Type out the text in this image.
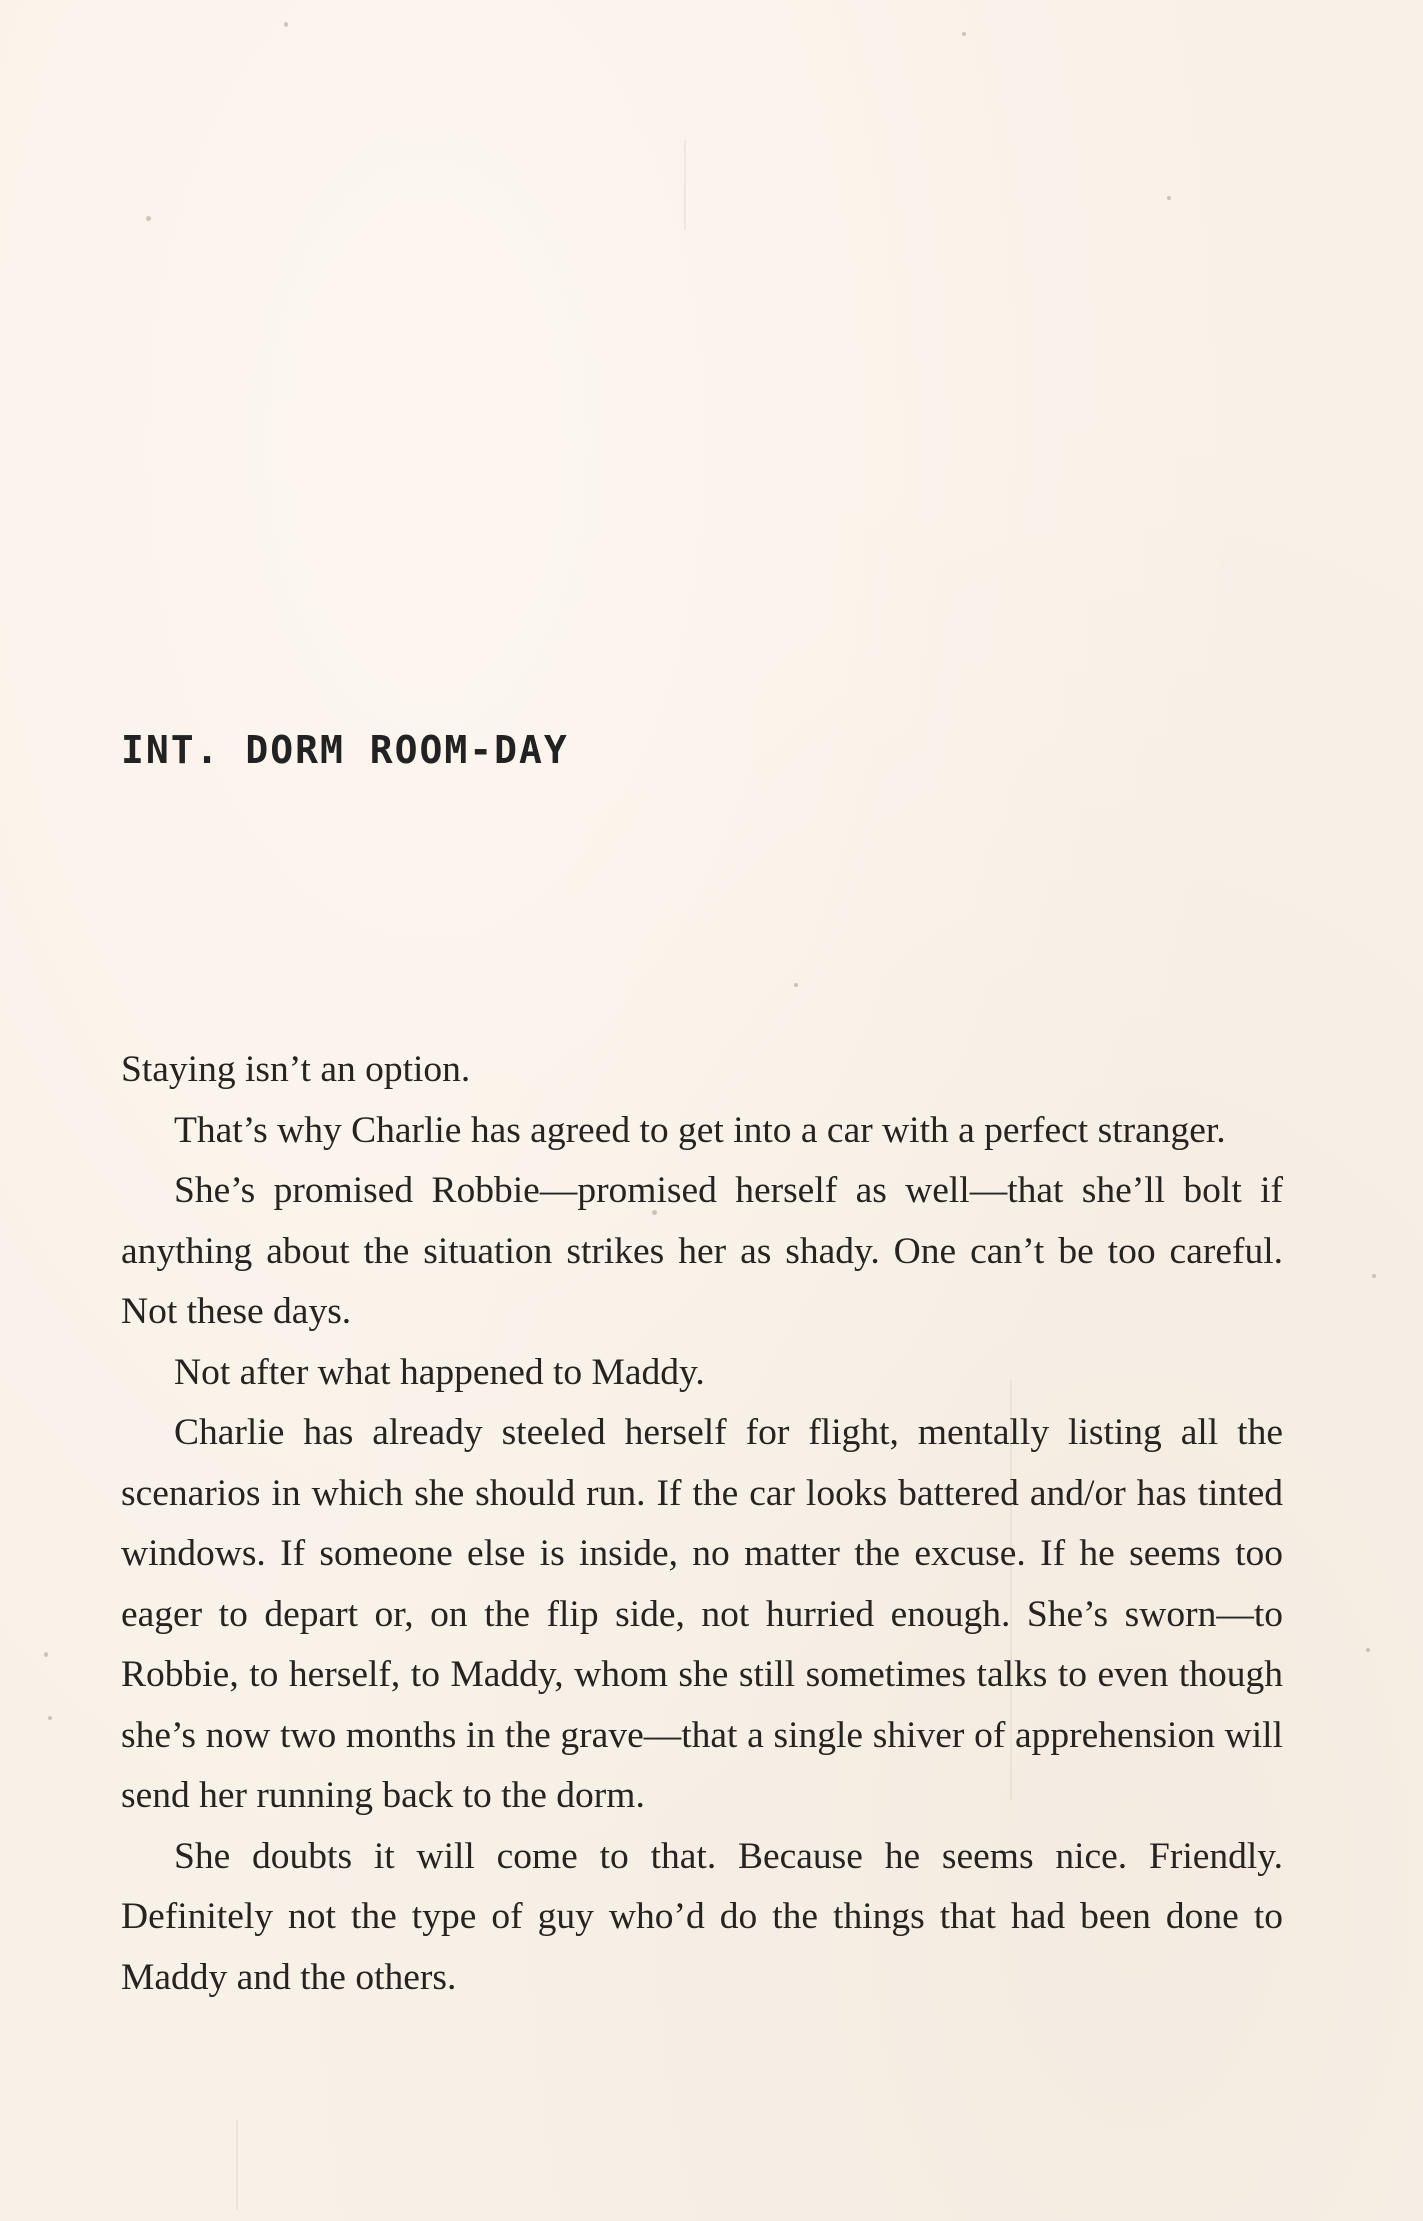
INT. DORM ROOM-DAY

Staying isn’t an option.

That’s why Charlie has agreed to get into a car with a perfect stranger.

She’s promised Robbie—promised herself as well—that she’ll bolt if anything about the situation strikes her as shady. One can’t be too careful. Not these days.

Not after what happened to Maddy.

Charlie has already steeled herself for flight, mentally listing all the scenarios in which she should run. If the car looks battered and/or has tinted windows. If someone else is inside, no matter the excuse. If he seems too eager to depart or, on the flip side, not hurried enough. She’s sworn—to Robbie, to herself, to Maddy, whom she still sometimes talks to even though she’s now two months in the grave—that a single shiver of apprehension will send her running back to the dorm.

She doubts it will come to that. Because he seems nice. Friendly. Definitely not the type of guy who’d do the things that had been done to Maddy and the others.
